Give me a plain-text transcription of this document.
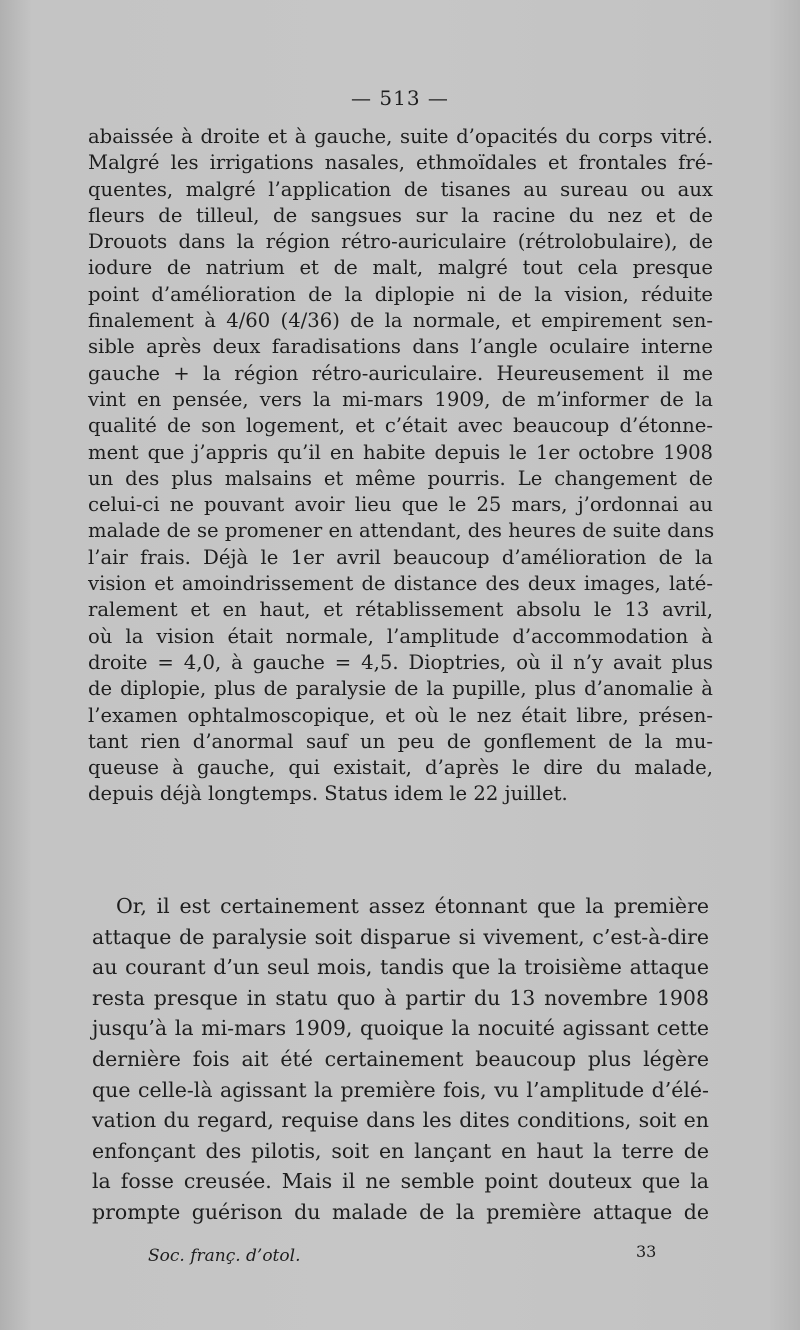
— 513 —
abaissée à droite et à gauche, suite d’opacités du corps vitré.
Malgré les irrigations nasales, ethmoïdales et frontales fré-
quentes, malgré l’application de tisanes au sureau ou aux
fleurs de tilleul, de sangsues sur la racine du nez et de
Drouots dans la région rétro-auriculaire (rétrolobulaire), de
iodure de natrium et de malt, malgré tout cela presque
point d’amélioration de la diplopie ni de la vision, réduite
finalement à 4/60 (4/36) de la normale, et empirement sen-
sible après deux faradisations dans l’angle oculaire interne
gauche + la région rétro-auriculaire. Heureusement il me
vint en pensée, vers la mi-mars 1909, de m’informer de la
qualité de son logement, et c’était avec beaucoup d’étonne-
ment que j’appris qu’il en habite depuis le 1er octobre 1908
un des plus malsains et même pourris. Le changement de
celui-ci ne pouvant avoir lieu que le 25 mars, j’ordonnai au
malade de se promener en attendant, des heures de suite dans
l’air frais. Déjà le 1er avril beaucoup d’amélioration de la
vision et amoindrissement de distance des deux images, laté-
ralement et en haut, et rétablissement absolu le 13 avril,
où la vision était normale, l’amplitude d’accommodation à
droite = 4,0, à gauche = 4,5. Dioptries, où il n’y avait plus
de diplopie, plus de paralysie de la pupille, plus d’anomalie à
l’examen ophtalmoscopique, et où le nez était libre, présen-
tant rien d’anormal sauf un peu de gonflement de la mu-
queuse à gauche, qui existait, d’après le dire du malade,
depuis déjà longtemps. Status idem le 22 juillet.
Or, il est certainement assez étonnant que la première
attaque de paralysie soit disparue si vivement, c’est-à-dire
au courant d’un seul mois, tandis que la troisième attaque
resta presque in statu quo à partir du 13 novembre 1908
jusqu’à la mi-mars 1909, quoique la nocuité agissant cette
dernière fois ait été certainement beaucoup plus légère
que celle-là agissant la première fois, vu l’amplitude d’élé-
vation du regard, requise dans les dites conditions, soit en
enfonçant des pilotis, soit en lançant en haut la terre de
la fosse creusée. Mais il ne semble point douteux que la
prompte guérison du malade de la première attaque de
Soc. franç. d’otol.	33
